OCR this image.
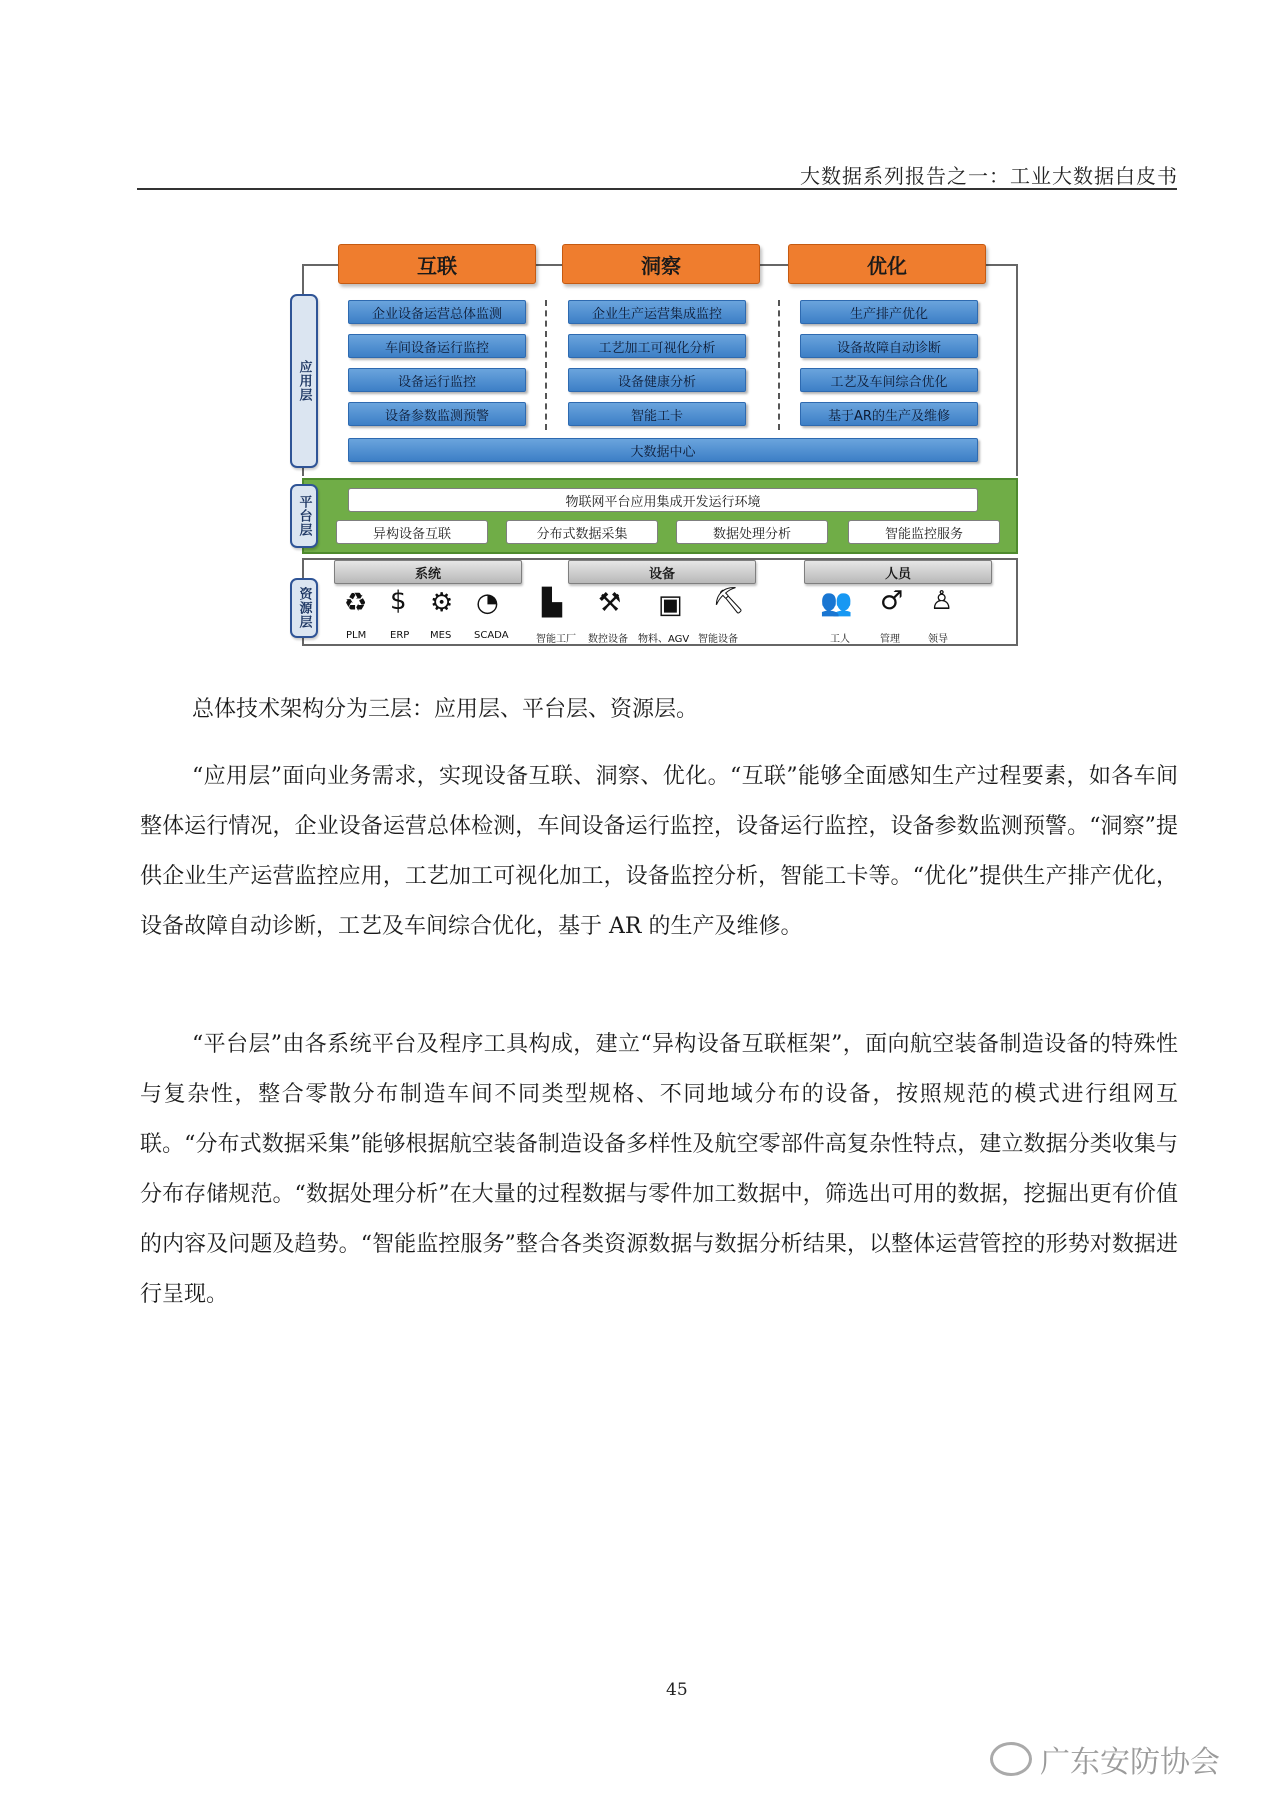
大数据系列报告之一：工业大数据白皮书
应用层
互联	洞察	优化
企业设备运营总体监测
车间设备运行监控
设备运行监控
设备参数监测预警
企业生产运营集成监控
工艺加工可视化分析
设备健康分析
智能工卡
生产排产优化
设备故障自动诊断
工艺及车间综合优化
基于AR的生产及维修
大数据中心
平台层	物联网平台应用集成开发运行环境
异构设备互联	分布式数据采集	数据处理分析	智能监控服务
资源层
系统	设备	人员
♻
PLM
$
ERP
⚙
MES
◔
SCADA
▙
智能工厂
⚒
数控设备
▣
物料、AGV
⛏
智能设备
👥
工人
♂
管理
♙
领导
总体技术架构分为三层：应用层、平台层、资源层。
“应用层”面向业务需求，实现设备互联、洞察、优化。“互联”能够全面感知生产过程要素，如各车间整体运行情况，企业设备运营总体检测，车间设备运行监控，设备运行监控，设备参数监测预警。“洞察”提供企业生产运营监控应用，工艺加工可视化加工，设备监控分析，智能工卡等。“优化”提供生产排产优化，设备故障自动诊断，工艺及车间综合优化，基于 AR 的生产及维修。
“平台层”由各系统平台及程序工具构成，建立“异构设备互联框架”，面向航空装备制造设备的特殊性与复杂性，整合零散分布制造车间不同类型规格、不同地域分布的设备，按照规范的模式进行组网互联。“分布式数据采集”能够根据航空装备制造设备多样性及航空零部件高复杂性特点，建立数据分类收集与分布存储规范。“数据处理分析”在大量的过程数据与零件加工数据中，筛选出可用的数据，挖掘出更有价值的内容及问题及趋势。“智能监控服务”整合各类资源数据与数据分析结果，以整体运营管控的形势对数据进行呈现。
45
广东安防协会
